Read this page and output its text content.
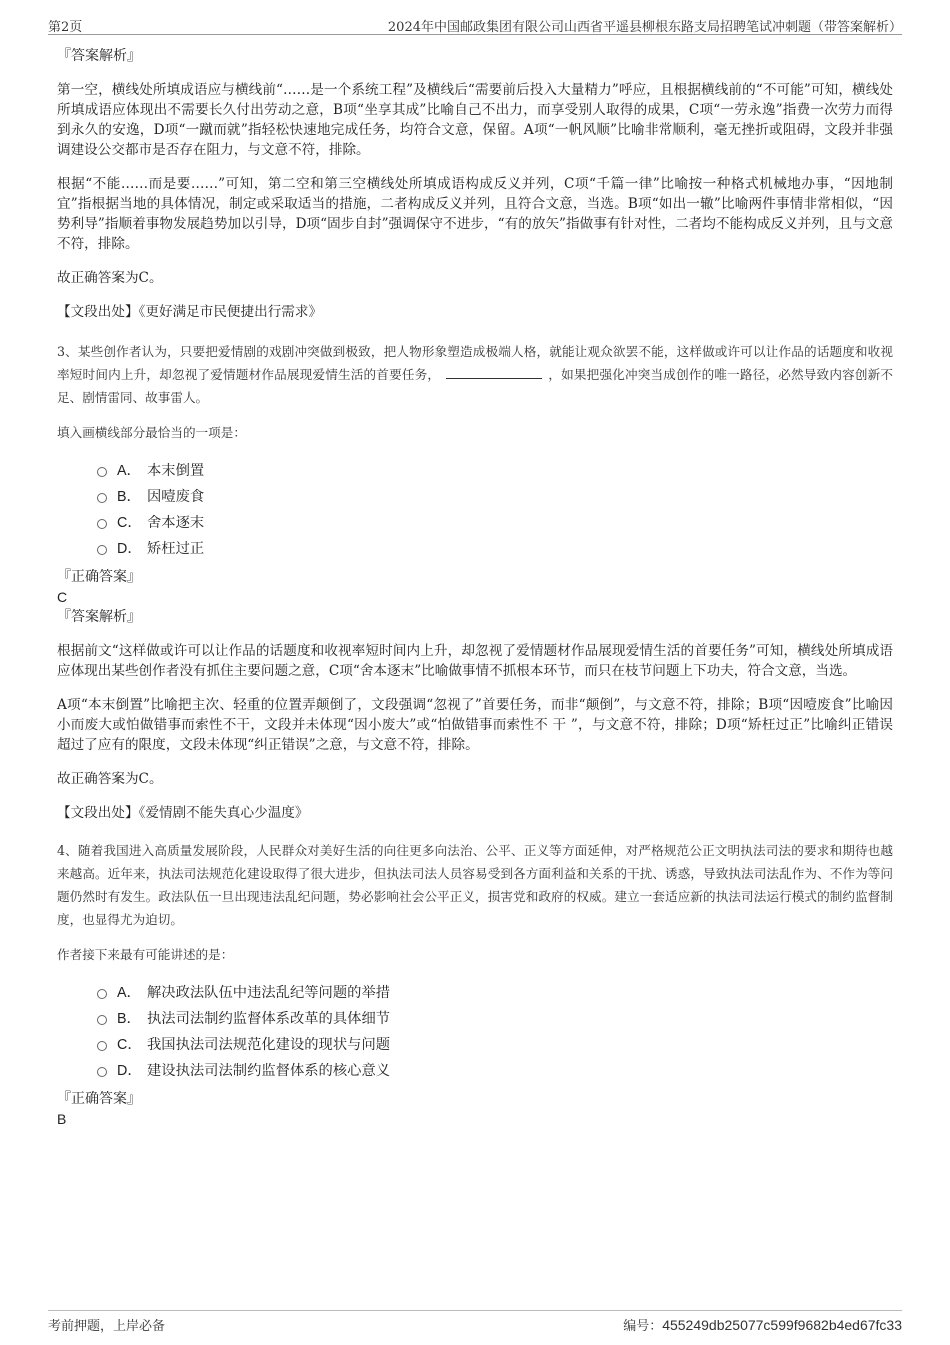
第2页	2024年中国邮政集团有限公司山西省平遥县柳根东路支局招聘笔试冲刺题（带答案解析）
『答案解析』

第一空，横线处所填成语应与横线前“……是一个系统工程”及横线后“需要前后投入大量精力”呼应，且根据横线前的“不可能”可知，横线处所填成语应体现出不需要长久付出劳动之意，B项“坐享其成”比喻自己不出力，而享受别人取得的成果，C项“一劳永逸”指费一次劳力而得到永久的安逸，D项“一蹴而就”指轻松快速地完成任务，均符合文意，保留。A项“一帆风顺”比喻非常顺利，毫无挫折或阻碍，文段并非强调建设公交都市是否存在阻力，与文意不符，排除。

根据“不能……而是要……”可知，第二空和第三空横线处所填成语构成反义并列，C项“千篇一律”比喻按一种格式机械地办事，“因地制宜”指根据当地的具体情况，制定或采取适当的措施，二者构成反义并列，且符合文意，当选。B项“如出一辙”比喻两件事情非常相似，“因势利导”指顺着事物发展趋势加以引导，D项“固步自封”强调保守不进步，“有的放矢”指做事有针对性，二者均不能构成反义并列，且与文意不符，排除。

故正确答案为C。

【文段出处】《更好满足市民便捷出行需求》

3、某些创作者认为，只要把爱情剧的戏剧冲突做到极致，把人物形象塑造成极端人格，就能让观众欲罢不能，这样做或许可以让作品的话题度和收视率短时间内上升，却忽视了爱情题材作品展现爱情生活的首要任务，	，如果把强化冲突当成创作的唯一路径，必然导致内容创新不足、剧情雷同、故事雷人。

填入画横线部分最恰当的一项是：

A． 本末倒置
B． 因噎废食
C． 舍本逐末
D． 矫枉过正
『正确答案』
C
『答案解析』

根据前文“这样做或许可以让作品的话题度和收视率短时间内上升，却忽视了爱情题材作品展现爱情生活的首要任务”可知，横线处所填成语应体现出某些创作者没有抓住主要问题之意，C项“舍本逐末”比喻做事情不抓根本环节，而只在枝节问题上下功夫，符合文意，当选。

A项“本末倒置”比喻把主次、轻重的位置弄颠倒了，文段强调“忽视了”首要任务，而非“颠倒”，与文意不符，排除；B项“因噎废食”比喻因小而废大或怕做错事而索性不干，文段并未体现“因小废大”或“怕做错事而索性不 干 ”，与文意不符，排除；D项“矫枉过正”比喻纠正错误超过了应有的限度，文段未体现“纠正错误”之意，与文意不符，排除。

故正确答案为C。

【文段出处】《爱情剧不能失真心少温度》

4、随着我国进入高质量发展阶段，人民群众对美好生活的向往更多向法治、公平、正义等方面延伸，对严格规范公正文明执法司法的要求和期待也越来越高。近年来，执法司法规范化建设取得了很大进步，但执法司法人员容易受到各方面利益和关系的干扰、诱惑，导致执法司法乱作为、不作为等问题仍然时有发生。政法队伍一旦出现违法乱纪问题，势必影响社会公平正义，损害党和政府的权威。建立一套适应新的执法司法运行模式的制约监督制度，也显得尤为迫切。

作者接下来最有可能讲述的是：

A． 解决政法队伍中违法乱纪等问题的举措
B． 执法司法制约监督体系改革的具体细节
C． 我国执法司法规范化建设的现状与问题
D． 建设执法司法制约监督体系的核心意义
『正确答案』
B
考前押题，上岸必备	编号：455249db25077c599f9682b4ed67fc33
